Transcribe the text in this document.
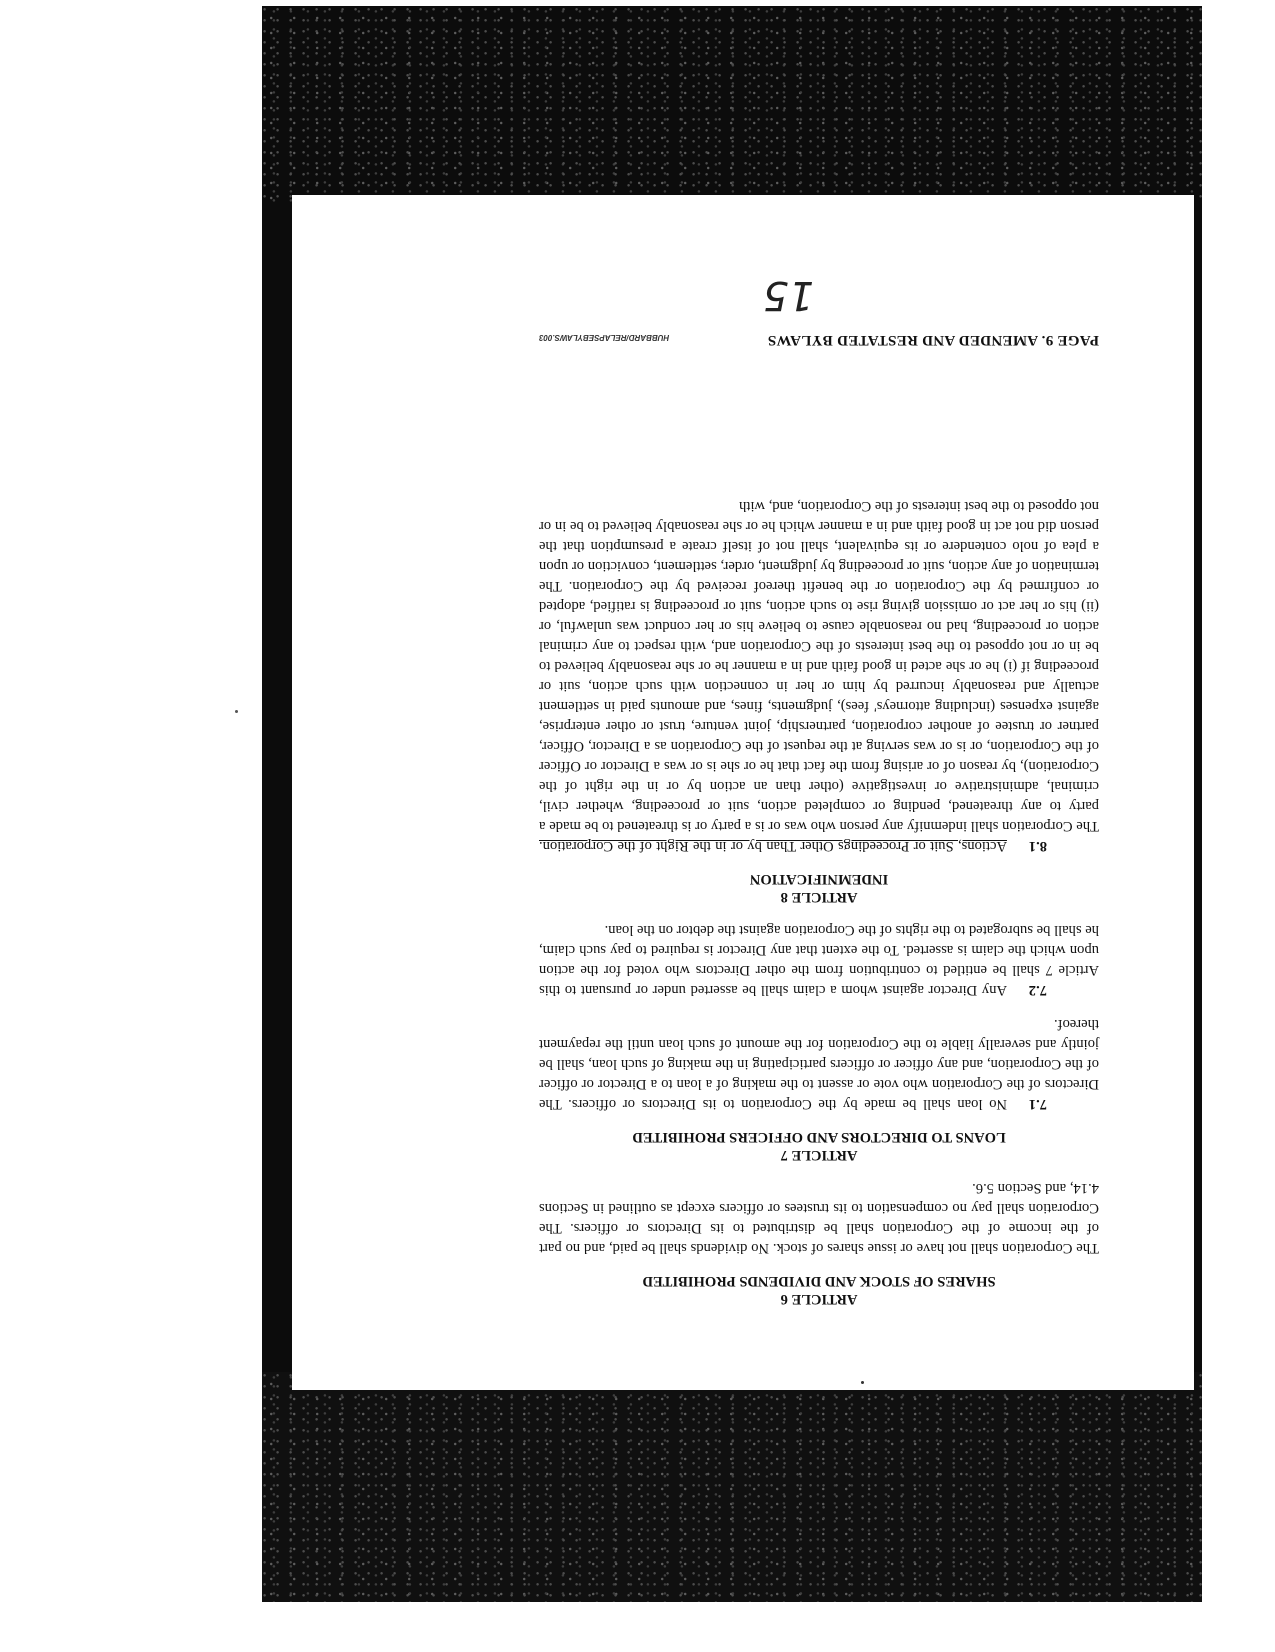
ARTICLE 6
SHARES OF STOCK AND DIVIDENDS PROHIBITED

The Corporation shall not have or issue shares of stock. No dividends shall be paid, and no part of the income of the Corporation shall be distributed to its Directors or officers. The Corporation shall pay no compensation to its trustees or officers except as outlined in Sections 4.14, and Section 5.6.

ARTICLE 7
LOANS TO DIRECTORS AND OFFICERS PROHIBITED

7.1No loan shall be made by the Corporation to its Directors or officers. The Directors of the Corporation who vote or assent to the making of a loan to a Director or officer of the Corporation, and any officer or officers participating in the making of such loan, shall be jointly and severally liable to the Corporation for the amount of such loan until the repayment thereof.

7.2Any Director against whom a claim shall be asserted under or pursuant to this Article 7 shall be entitled to contribution from the other Directors who voted for the action upon which the claim is asserted. To the extent that any Director is required to pay such claim, he shall be subrogated to the rights of the Corporation against the debtor on the loan.

ARTICLE 8
INDEMNIFICATION

8.1Actions, Suit or Proceedings Other Than by or in the Right of the Corporation. The Corporation shall indemnify any person who was or is a party or is threatened to be made a party to any threatened, pending or completed action, suit or proceeding, whether civil, criminal, administrative or investigative (other than an action by or in the right of the Corporation), by reason of or arising from the fact that he or she is or was a Director or Officer of the Corporation, or is or was serving at the request of the Corporation as a Director, Officer, partner or trustee of another corporation, partnership, joint venture, trust or other enterprise, against expenses (including attorneys' fees), judgments, fines, and amounts paid in settlement actually and reasonably incurred by him or her in connection with such action, suit or proceeding if (i) he or she acted in good faith and in a manner he or she reasonably believed to be in or not opposed to the best interests of the Corporation and, with respect to any criminal action or proceeding, had no reasonable cause to believe his or her conduct was unlawful, or (ii) his or her act or omission giving rise to such action, suit or proceeding is ratified, adopted or confirmed by the Corporation or the benefit thereof received by the Corporation. The termination of any action, suit or proceeding by judgment, order, settlement, conviction or upon a plea of nolo contendere or its equivalent, shall not of itself create a presumption that the person did not act in good faith and in a manner which he or she reasonably believed to be in or not opposed to the best interests of the Corporation, and, with

PAGE 9. AMENDED AND RESTATED BYLAWS
HUBBARD/RELAPSEBYLAWS.003
15
